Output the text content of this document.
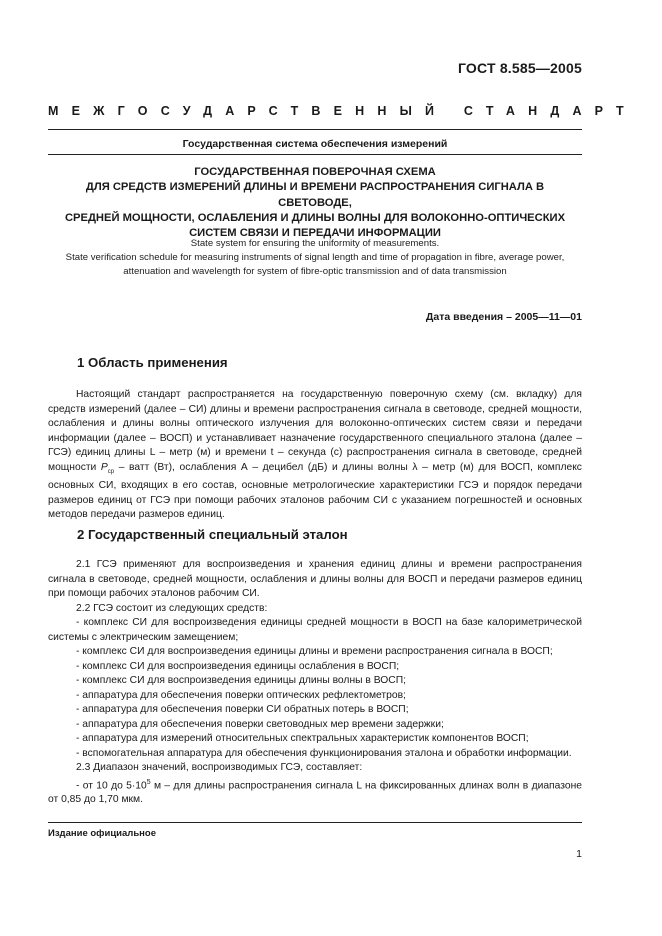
ГОСТ 8.585—2005
МЕЖГОСУДАРСТВЕННЫЙ СТАНДАРТ
Государственная система обеспечения измерений
ГОСУДАРСТВЕННАЯ ПОВЕРОЧНАЯ СХЕМА
ДЛЯ СРЕДСТВ ИЗМЕРЕНИЙ ДЛИНЫ И ВРЕМЕНИ РАСПРОСТРАНЕНИЯ СИГНАЛА В СВЕТОВОДЕ,
СРЕДНЕЙ МОЩНОСТИ, ОСЛАБЛЕНИЯ И ДЛИНЫ ВОЛНЫ ДЛЯ ВОЛОКОННО-ОПТИЧЕСКИХ
СИСТЕМ СВЯЗИ И ПЕРЕДАЧИ ИНФОРМАЦИИ
State system for ensuring the uniformity of measurements.
State verification schedule for measuring instruments of signal length and time of propagation in fibre, average power,
attenuation and wavelength for system of fibre-optic transmission and of data transmission
Дата введения – 2005—11—01
1 Область применения

Настоящий стандарт распространяется на государственную поверочную схему (см. вкладку) для средств измерений (далее – СИ) длины и времени распространения сигнала в световоде, средней мощности, ослабления и длины волны оптического излучения для волоконно-оптических систем связи и передачи информации (далее – ВОСП) и устанавливает назначение государственного специального эталона (далее – ГСЭ) единиц длины L – метр (м) и времени t – секунда (с) распространения сигнала в световоде, средней мощности $P_{ср}$ – ватт (Вт), ослабления А – децибел (дБ) и длины волны λ – метр (м) для ВОСП, комплекс основных СИ, входящих в его состав, основные метрологические характеристики ГСЭ и порядок передачи размеров единиц от ГСЭ при помощи рабочих эталонов рабочим СИ с указанием погрешностей и основных методов передачи размеров единиц.

2 Государственный специальный эталон

2.1 ГСЭ применяют для воспроизведения и хранения единиц длины и времени распространения сигнала в световоде, средней мощности, ослабления и длины волны для ВОСП и передачи размеров единиц при помощи рабочих эталонов рабочим СИ.

2.2 ГСЭ состоит из следующих средств:

- комплекс СИ для воспроизведения единицы средней мощности в ВОСП на базе калориметрической системы с электрическим замещением;

- комплекс СИ для воспроизведения единицы длины и времени распространения сигнала в ВОСП;

- комплекс СИ для воспроизведения единицы ослабления в ВОСП;

- комплекс СИ для воспроизведения единицы длины волны в ВОСП;

- аппаратура для обеспечения поверки оптических рефлектометров;

- аппаратура для обеспечения поверки СИ обратных потерь в ВОСП;

- аппаратура для обеспечения поверки световодных мер времени задержки;

- аппаратура для измерений относительных спектральных характеристик компонентов ВОСП;

- вспомогательная аппаратура для обеспечения функционирования эталона и обработки информации.

2.3 Диапазон значений, воспроизводимых ГСЭ, составляет:

- от 10 до $5\cdot 10^5$ м – для длины распространения сигнала L на фиксированных длинах волн в диапазоне от 0,85 до 1,70 мкм.

Издание официальное
1
